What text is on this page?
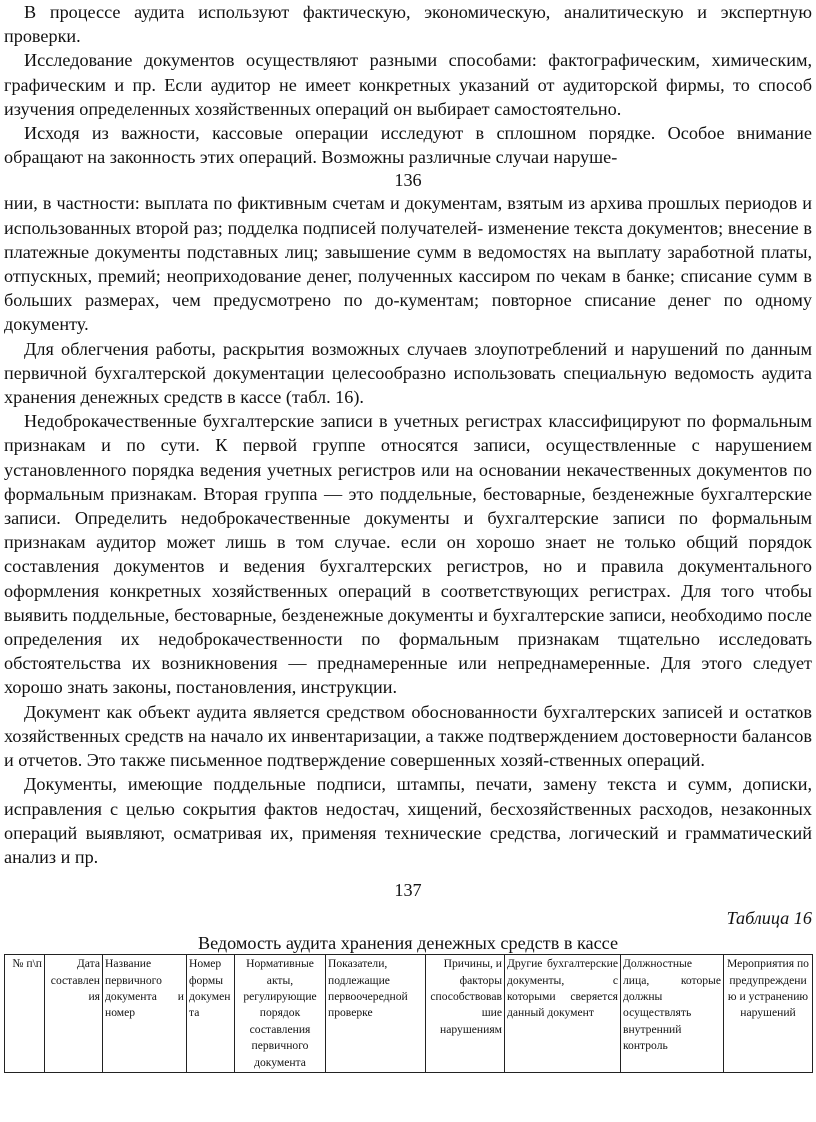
В процессе аудита используют фактическую, экономическую, аналитическую и экспертную проверки.

Исследование документов осуществляют разными способами: фактографическим, химическим, графическим и пр. Если аудитор не имеет конкретных указаний от аудиторской фирмы, то способ изучения определенных хозяйственных операций он выбирает самостоятельно.

Исходя из важности, кассовые операции исследуют в сплошном порядке. Особое внимание обращают на законность этих операций. Возможны различные случаи наруше-

136

нии, в частности: выплата по фиктивным счетам и документам, взятым из архива прошлых периодов и использованных второй раз; подделка подписей получателей- изменение текста документов; внесение в платежные документы подставных лиц; завышение сумм в ведомостях на выплату заработной платы, отпускных, премий; неоприходование денег, полученных кассиром по чекам в банке; списание сумм в больших размерах, чем предусмотрено по до-кументам; повторное списание денег по одному документу.

Для облегчения работы, раскрытия возможных случаев злоупотреблений и нарушений по данным первичной бухгалтерской документации целесообразно использовать специальную ведомость аудита хранения денежных средств в кассе (табл. 16).

Недоброкачественные бухгалтерские записи в учетных регистрах классифицируют по формальным признакам и по сути. К первой группе относятся записи, осуществленные с нарушением установленного порядка ведения учетных регистров или на основании некачественных документов по формальным признакам. Вторая группа — это поддельные, бестоварные, безденежные бухгалтерские записи. Определить недоброкачественные документы и бухгалтерские записи по формальным признакам аудитор может лишь в том случае. если он хорошо знает не только общий порядок составления документов и ведения бухгалтерских регистров, но и правила документального оформления конкретных хозяйственных операций в соответствующих регистрах. Для того чтобы выявить поддельные, бестоварные, безденежные документы и бухгалтерские записи, необходимо после определения их недоброкачественности по формальным признакам тщательно исследовать обстоятельства их возникновения — преднамеренные или непреднамеренные. Для этого следует хорошо знать законы, постановления, инструкции.

Документ как объект аудита является средством обоснованности бухгалтерских записей и остатков хозяйственных средств на начало их инвентаризации, а также подтверждением достоверности балансов и отчетов. Это также письменное подтверждение совершенных хозяй-ственных операций.

Документы, имеющие поддельные подписи, штампы, печати, замену текста и сумм, дописки, исправления с целью сокрытия фактов недостач, хищений, бесхозяйственных расходов, незаконных операций выявляют, осматривая их, применяя технические средства, логический и грамматический анализ и пр.

137

Таблица 16

Ведомость аудита хранения денежных средств в кассе

№ п\п	Дата составления	Название первичного документа и номер	Номер формы документа	Нормативные акты, регулирующие порядок составления первичного документа	Показатели, подлежащие первоочередной проверке	Причины, и факторы способствовавшие нарушениям	Другие бухгалтерские документы, с которыми сверяется данный документ	Должностные лица, которые должны осуществлять внутренний контроль	Мероприятия по предупреждению и устранению нарушений
